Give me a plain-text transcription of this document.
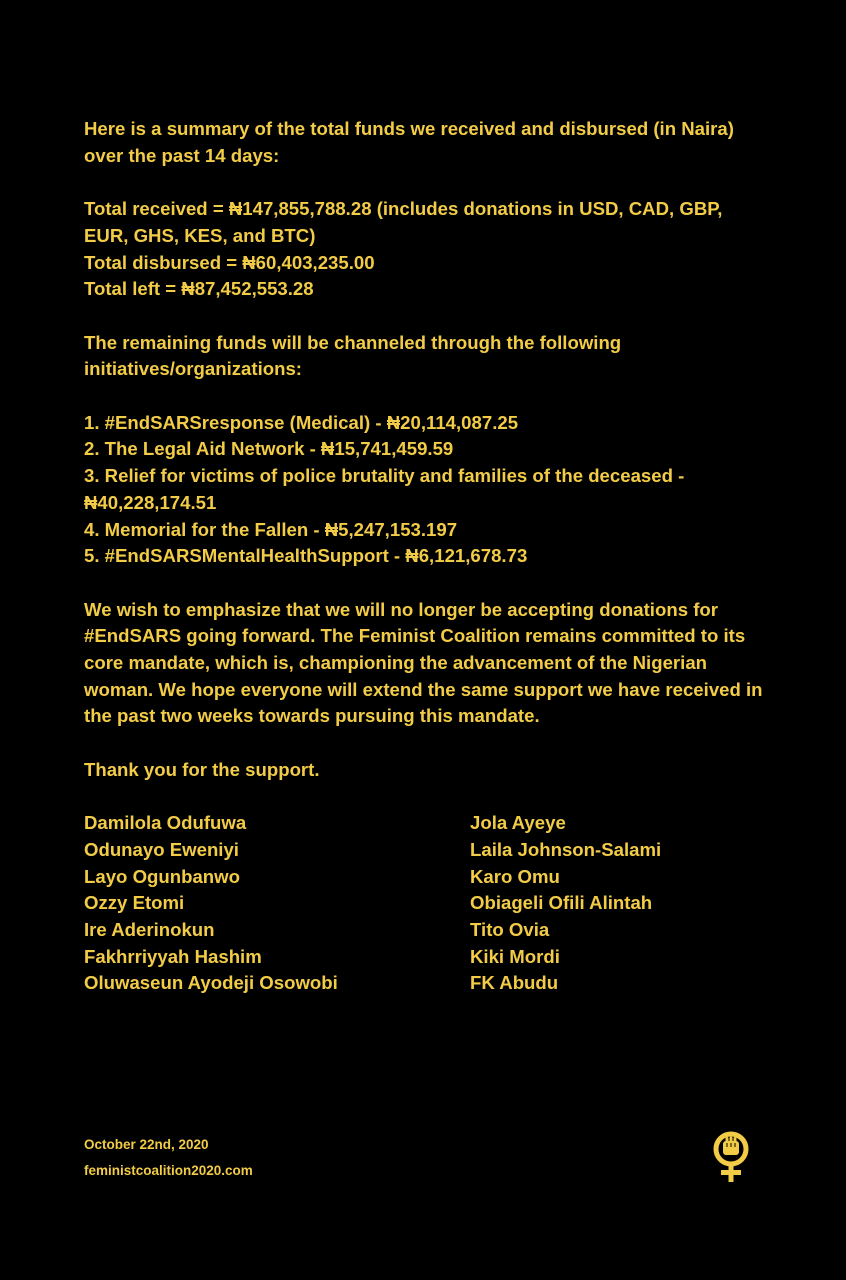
Here is a summary of the total funds we received and disbursed (in Naira) over the past 14 days:

Total received = ₦147,855,788.28 (includes donations in USD, CAD, GBP, EUR, GHS, KES, and BTC)

Total disbursed = ₦60,403,235.00

Total left = ₦87,452,553.28

The remaining funds will be channeled through the following initiatives/organizations:

1. #EndSARSresponse (Medical) - ₦20,114,087.25

2. The Legal Aid Network - ₦15,741,459.59

3. Relief for victims of police brutality and families of the deceased - ₦40,228,174.51

4. Memorial for the Fallen - ₦5,247,153.197

5. #EndSARSMentalHealthSupport - ₦6,121,678.73

We wish to emphasize that we will no longer be accepting donations for #EndSARS going forward. The Feminist Coalition remains committed to its core mandate, which is, championing the advancement of the Nigerian woman. We hope everyone will extend the same support we have received in the past two weeks towards pursuing this mandate.

Thank you for the support.

Damilola Odufuwa
Odunayo Eweniyi
Layo Ogunbanwo
Ozzy Etomi
Ire Aderinokun
Fakhrriyyah Hashim
Oluwaseun Ayodeji Osowobi
Jola Ayeye
Laila Johnson-Salami
Karo Omu
Obiageli Ofili Alintah
Tito Ovia
Kiki Mordi
FK Abudu
October 22nd, 2020
feministcoalition2020.com
